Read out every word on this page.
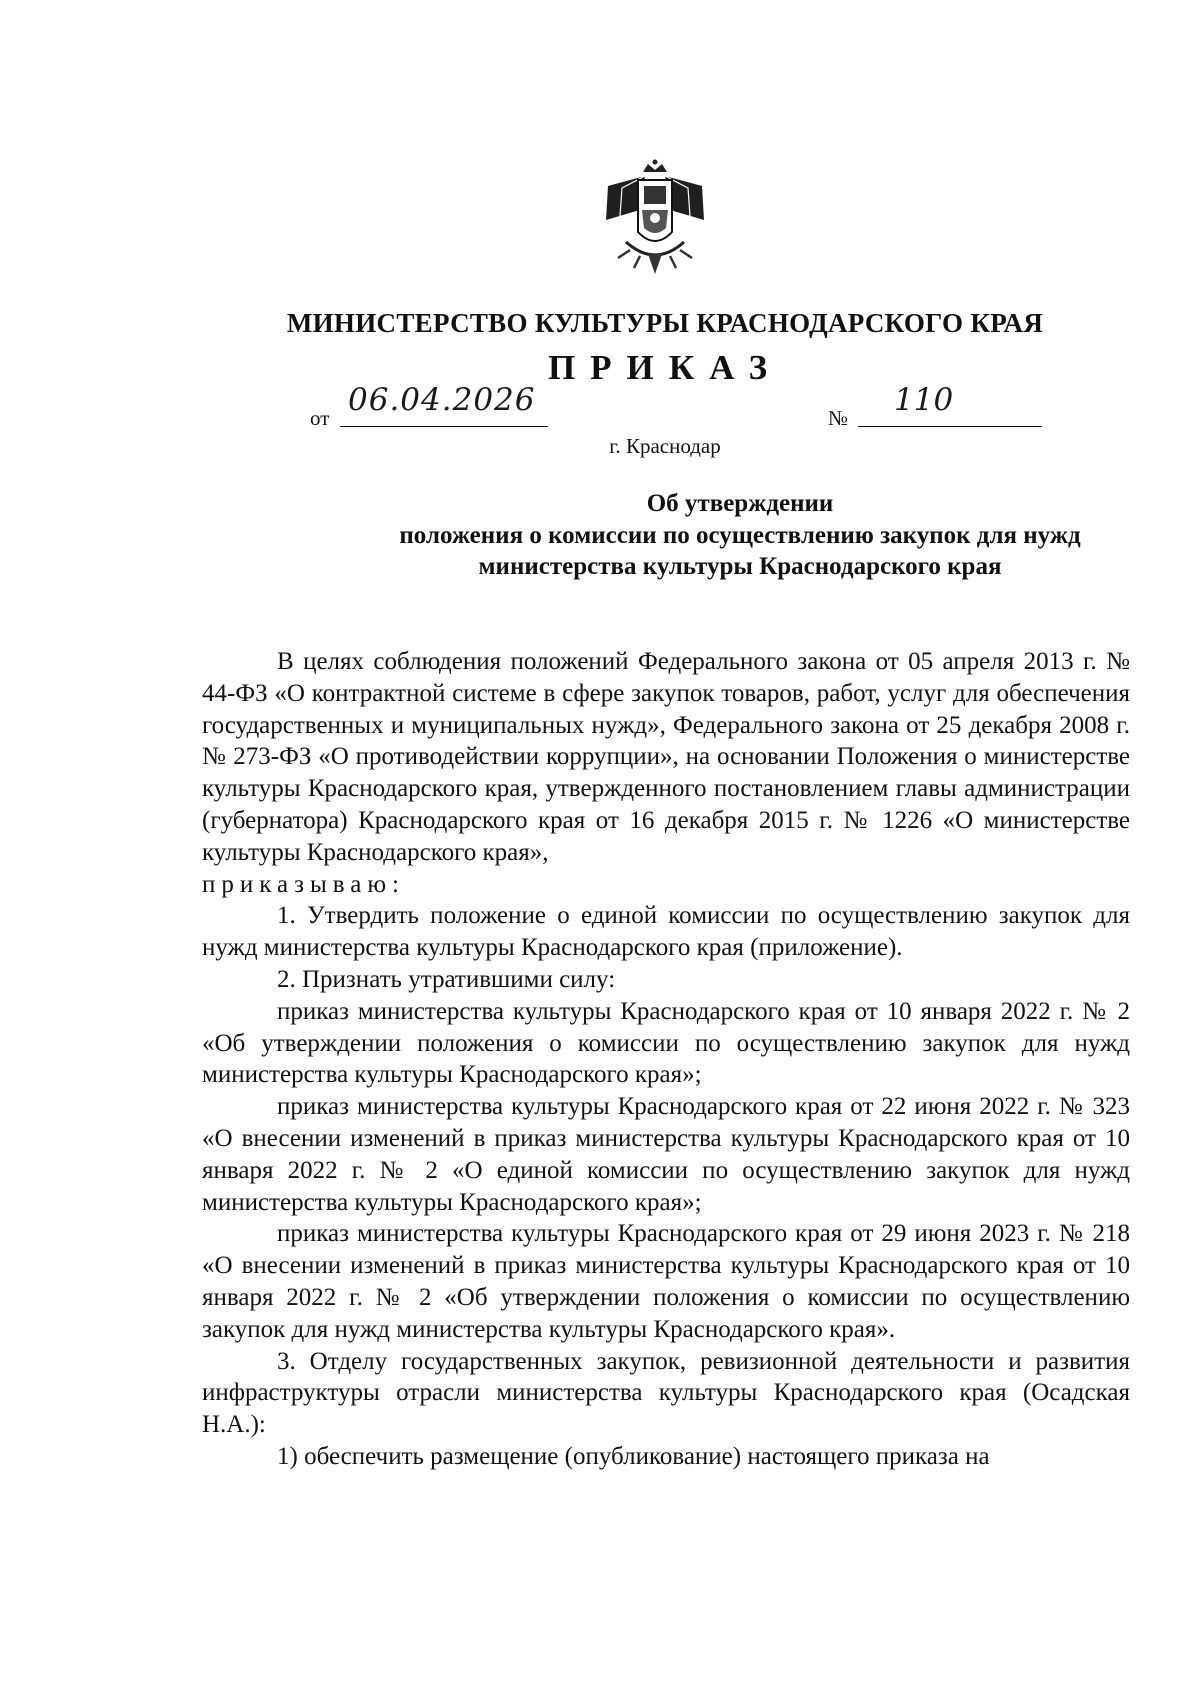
МИНИСТЕРСТВО КУЛЬТУРЫ КРАСНОДАРСКОГО КРАЯ
ПРИКАЗ
от 06.04.2026	№	110
г. Краснодар
Об утверждении
положения о комиссии по осуществлению закупок для нужд
министерства культуры Краснодарского края

В целях соблюдения положений Федерального закона от 05 апреля 2013 г. № 44-ФЗ «О контрактной системе в сфере закупок товаров, работ, услуг для обеспечения государственных и муниципальных нужд», Федерального закона от 25 декабря 2008 г. № 273-ФЗ «О противодействии коррупции», на основании Положения о министерстве культуры Краснодарского края, утвержденного постановлением главы администрации (губернатора) Краснодарского края от 16 декабря 2015 г. № 1226 «О министерстве культуры Краснодарского края»,

приказываю:

1. Утвердить положение о единой комиссии по осуществлению закупок для нужд министерства культуры Краснодарского края (приложение).

2. Признать утратившими силу:

приказ министерства культуры Краснодарского края от 10 января 2022 г. № 2 «Об утверждении положения о комиссии по осуществлению закупок для нужд министерства культуры Краснодарского края»;

приказ министерства культуры Краснодарского края от 22 июня 2022 г. № 323 «О внесении изменений в приказ министерства культуры Краснодарского края от 10 января 2022 г. № 2 «О единой комиссии по осуществлению закупок для нужд министерства культуры Краснодарского края»;

приказ министерства культуры Краснодарского края от 29 июня 2023 г. № 218 «О внесении изменений в приказ министерства культуры Краснодарского края от 10 января 2022 г. № 2 «Об утверждении положения о комиссии по осуществлению закупок для нужд министерства культуры Краснодарского края».

3. Отделу государственных закупок, ревизионной деятельности и развития инфраструктуры отрасли министерства культуры Краснодарского края (Осадская Н.А.):

1) обеспечить размещение (опубликование) настоящего приказа на
